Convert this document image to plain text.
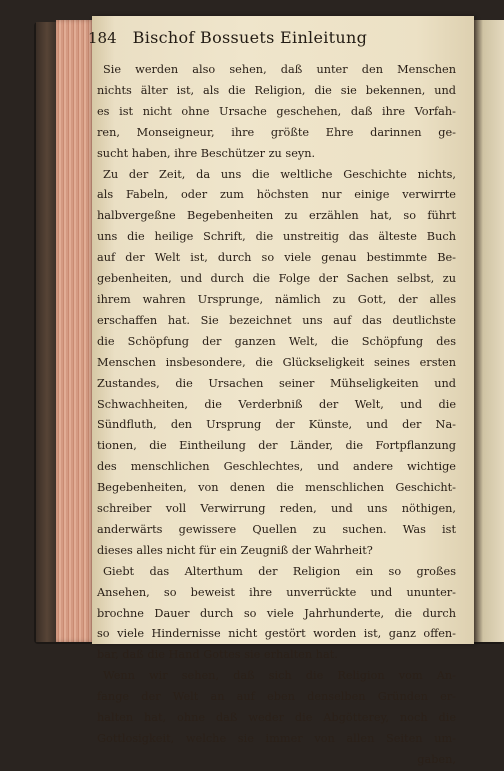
184 Bischof Bossuets Einleitung
Sie werden also sehen, daß unter den Menschen
nichts älter ist, als die Religion, die sie bekennen, und
es ist nicht ohne Ursache geschehen, daß ihre Vorfah-
ren, Monseigneur, ihre größte Ehre darinnen ge-
sucht haben, ihre Beschützer zu seyn.
Zu der Zeit, da uns die weltliche Geschichte nichts,
als Fabeln, oder zum höchsten nur einige verwirrte
halbvergeßne Begebenheiten zu erzählen hat, so führt
uns die heilige Schrift, die unstreitig das älteste Buch
auf der Welt ist, durch so viele genau bestimmte Be-
gebenheiten, und durch die Folge der Sachen selbst, zu
ihrem wahren Ursprunge, nämlich zu Gott, der alles
erschaffen hat. Sie bezeichnet uns auf das deutlichste
die Schöpfung der ganzen Welt, die Schöpfung des
Menschen insbesondere, die Glückseligkeit seines ersten
Zustandes, die Ursachen seiner Mühseligkeiten und
Schwachheiten, die Verderbniß der Welt, und die
Sündfluth, den Ursprung der Künste, und der Na-
tionen, die Eintheilung der Länder, die Fortpflanzung
des menschlichen Geschlechtes, und andere wichtige
Begebenheiten, von denen die menschlichen Geschicht-
schreiber voll Verwirrung reden, und uns nöthigen,
anderwärts gewissere Quellen zu suchen. Was ist
dieses alles nicht für ein Zeugniß der Wahrheit?
Giebt das Alterthum der Religion ein so großes
Ansehen, so beweist ihre unverrückte und ununter-
brochne Dauer durch so viele Jahrhunderte, die durch
so viele Hindernisse nicht gestört worden ist, ganz offen-
bar, daß die Hand Gottes sie erhalten hat.
Wenn wir sehen, daß sich die Religion vom An-
fange der Welt an auf eben denselben Gründen er-
halten hat, ohne daß weder die Abgötterey, noch die
Gottlosigkeit, welche sie immer von allen Seiten um-
gaben,
